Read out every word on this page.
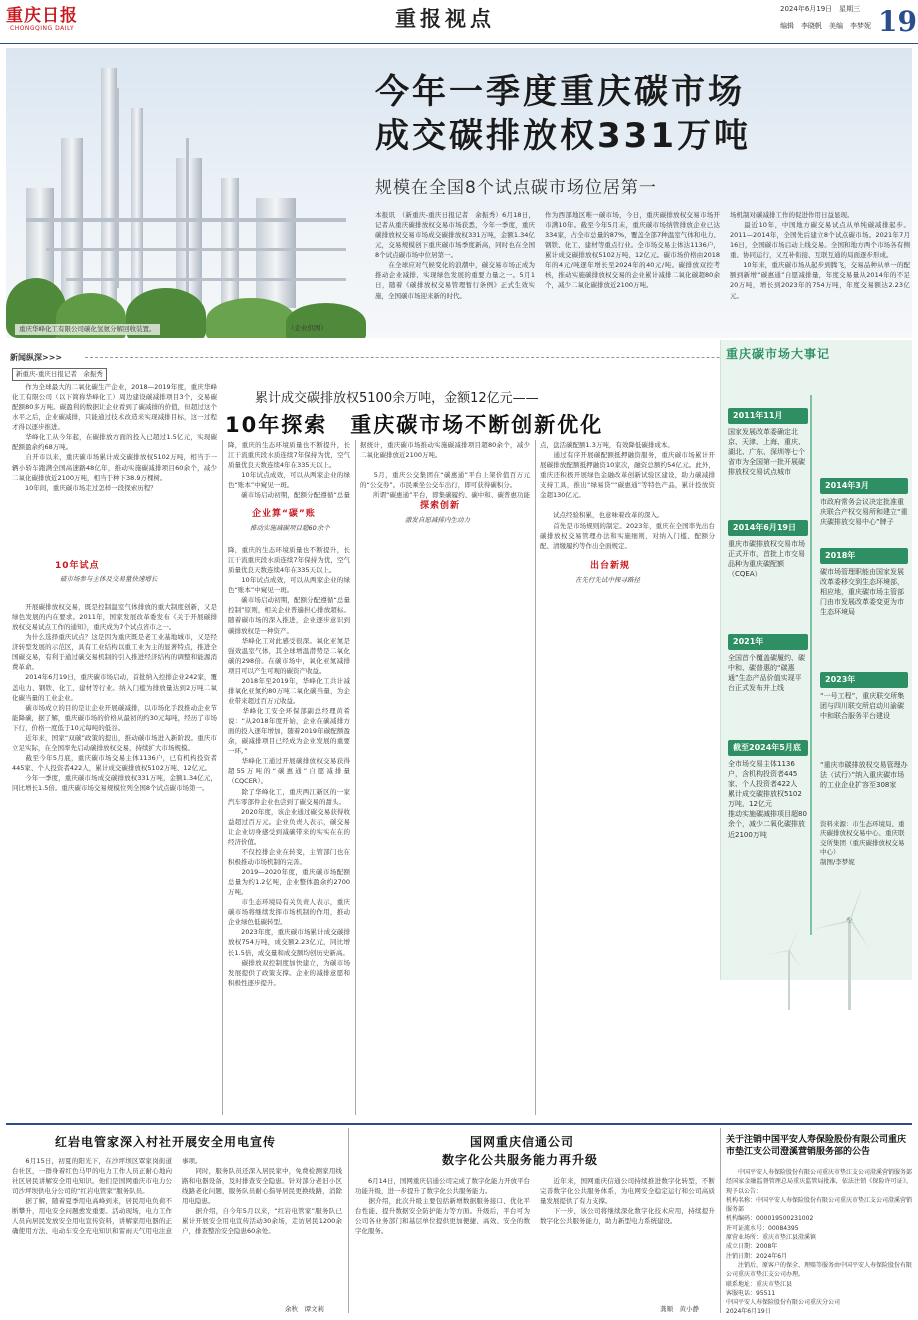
重庆日报
CHONGQING DAILY	重报视点	2024年6月19日　星期三
编辑　李晓帆　美编　李梦妮 19
今年一季度重庆碳市场
成交碳排放权331万吨
规模在全国8个试点碳市场位居第一
重庆华峰化工有限公司碳化氢氨分解回收装置。	（企业供图）
本报讯　（新重庆-重庆日报记者　余振秀）6月18日，记者从重庆碳排放权交易市场获悉，今年一季度，重庆碳排放权交易市场成交碳排放权331万吨，金额1.34亿元，交易规模创下重庆碳市场季度新高，同时也在全国8个试点碳市场中位居第一。
　　在全球应对气候变化的浪潮中，碳交易市场正成为推动企业减排、实现绿色发展的重要力量之一。5月1日，随着《碳排放权交易管理暂行条例》正式生效实施，全国碳市场迎来新的时代。
作为西部地区唯一碳市场，今日，重庆碳排放权交易市场开市满10年。截至今年5月末，重庆碳市场纳管排放企业已达334家，占全市总量的87%，覆盖全部7种温室气体和电力、钢铁、化工、建材等重点行业。全市场交易主体达1136户，累计成交碳排放权5102万吨、12亿元。碳市场价格由2018年的4元/吨逐年增长至2024年的40元/吨。碳排放双控考核，推动实施碳排放权交易的企业累计减排二氧化碳超80余个，减少二氧化碳排放近2100万吨。
场机制对碳减排工作的促进作用日益显现。
　　最近10年，中国地方碳交易试点从单纯碳减排起步。2011—2014年，全国先后建立8个试点碳市场。2021年7月16日，全国碳市场启动上线交易。全国和地方两个市场各有侧重、协同运行，又互补衔接、互联互通的局面逐步形成。
　　10年来，重庆碳市场从起步到腾飞，交易品种从单一的配额到新增“碳惠通”自愿减排量，年度交易量从2014年的不足20万吨，增长到2023年的754万吨，年度交易额达2.23亿元。
新闻纵深>>>
新重庆-重庆日报记者　余振秀
累计成交碳排放权5100余万吨，金额12亿元——
10年探索　重庆碳市场不断创新优化
　　作为全球最大的二氧化碳生产企业，2018—2019年度，重庆华峰化工有限公司（以下简称华峰化工）周边建设碳减排项目3个，交易碳配额80多万吨。碳盈利的数据让企业看到了碳减排的价值，但超过这个水平之后，企业碳减排，只能通过技术改造来实现减排目标，这一过程才得以逐步推进。
　　华峰化工从今年起，在碳排放方面的投入已超过1.5亿元，实现碳配额盈余约68万吨。
　　自开市以来，重庆碳市场累计成交碳排放权5102万吨，相当于一辆小轿车跑满全国高速路48亿年，推动实施碳减排项目60余个，减少二氧化碳排放近2100万吨，相当于种下38.9万棵树。
　　10年间，重庆碳市场走过怎样一段探索历程？
10年试点
破市场参与主体及交易量快速增长
　　开展碳排放权交易，既是控制温室气体排放的重大制度创新，又是绿色发展的内在要求。2011年，国家发展改革委发布《关于开展碳排放权交易试点工作的通知》，重庆成为7个试点省市之一。
　　为什么选择重庆试点？这是因为重庆既是老工业基地城市，又是经济转型发展的示范区，具有工业结构以重工业为主的显著特点，推进全国碳交易，有利于通过碳交易机制的引入推进经济结构的调整和能源消费革命。
　　2014年6月19日，重庆碳市场启动，首批纳入控排企业242家，覆盖电力、钢铁、化工、建材等行业。纳入门槛为排放量达到2万吨二氧化碳当量的工业企业。
　　碳市场成立的目的是让企业开展碳减排，以市场化手段推动企业节能降碳，据了解，重庆碳市场的价格从最初的约30元每吨，经历了市场下行，价格一度低于10元每吨的低谷。
　　近年来，国家“双碳”政策的提出，推动碳市场进入新阶段。重庆市立足实际，在全国率先启动碳排放权交易，持续扩大市场规模。
　　截至今年5月底，重庆碳市场交易主体1136户，已有机构投资者445家、个人投资者422人，累计成交碳排放权5102万吨、12亿元。
　　今年一季度，重庆碳市场成交碳排放权331万吨，金额1.34亿元，同比增长1.5倍。重庆碳市场交易规模位列全国8个试点碳市场第一。
降，重庆的生态环境质量也不断提升，长江干流重庆段水质连续7年保持为优，空气质量优良天数连续4年在335天以上。
　　10年试点成效，可以从两家企业的绿色“账本”中窥见一斑。
　　碳市场启动初期，配额分配遵循“总量

企业算“碳”账
推动实施减碳项目超60余个
降，重庆的生态环境质量也不断提升，长江干流重庆段水质连续7年保持为优，空气质量优良天数连续4年在335天以上。
　　10年试点成效，可以从两家企业的绿色“账本”中窥见一斑。
　　碳市场启动初期，配额分配遵循“总量控制”原则，相关企业普遍担心排放超标。随着碳市场的深入推进，企业逐步意识到碳排放权是一种资产。
　　华峰化工对此感受很深。氧化亚氮是强效温室气体，其全球增温潜势是二氧化碳的298倍。在碳市场中，氧化亚氮减排项目可以产生可观的碳资产收益。
　　2018年至2019年，华峰化工共计减排氧化亚氮约80万吨二氧化碳当量，为企业带来超过百万元收益。
　　华峰化工安全环保部副总经理黄希说：“从2018年度开始，企业在碳减排方面的投入逐年增加，随着2019年碳配额盈余，碳减排项目已经成为企业发展的重要一环。”
　　华峰化工通过开展碳排放权交易获得超55万吨的“碳惠通”自愿减排量（CQCER）。
　　除了华峰化工，重庆两江新区的一家汽车零部件企业也尝到了碳交易的甜头。
　　2020年度，该企业通过碳交易获得收益超过百万元。企业负责人表示，碳交易让企业切身感受到减碳带来的实实在在的经济价值。
　　不仅控排企业在转变，主管部门也在积极推动市场机制的完善。
　　2019—2020年度，重庆碳市场配额总量为约1.2亿吨，企业整体盈余约2700万吨。
　　市生态环境局有关负责人表示，重庆碳市场将继续发挥市场机制的作用，推动企业绿色低碳转型。
　　2023年度，重庆碳市场累计成交碳排放权754万吨，成交额2.23亿元，同比增长1.5倍，成交量和成交额均创历史新高。
　　碳排放双控制度加快建立，为碳市场发展提供了政策支撑。企业的减排意愿和积极性逐步提升。
据统计，重庆碳市场推动实施碳减排项目超80余个，减少二氧化碳排放近2100万吨。

　　5月，重庆公交集团在“碳惠通”平台上架价值百万元的“公交券”。市民乘坐公交车出行，即可获得碳积分。
　　所谓“碳惠通”平台，即集碳履约、碳中和、碳普惠功能

探索创新
激发自愿减排内生动力
点，盘活碳配额1.3万吨，有效降低碳排成本。
　　通过有序开展碳配额抵押融资服务，重庆碳市场累计开展碳排放配额抵押融资10家次，融资总额约54亿元。此外，重庆还积极开展绿色金融改革创新试验区建设，助力碳减排支持工具，推出“绿易贷”“碳惠通”等特色产品，累计投放资金超130亿元。

　　试点经验积累，也意味着改革的深入。
　　首先是市场规则的制定。2023年，重庆在全国率先出台碳排放权交易管理办法和实施细则，对纳入门槛、配额分配、清缴履约等作出全面规定。

出台新规
在先行先试中探寻路径
重庆碳市场大事记
2011年11月
国家发展改革委确定北京、天津、上海、重庆、湖北、广东、深圳等七个省市为全国第一批开展碳排放权交易试点城市
2014年3月
市政府常务会议决定批准重庆联合产权交易所和建立“重庆碳排放交易中心”牌子
2014年6月19日
重庆市碳排放权交易市场正式开市，首批上市交易品种为重庆碳配额（CQEA）
2018年
碳市场管理职能由国家发展改革委移交到生态环境部，相应地，重庆碳市场主管部门由市发展改革委变更为市生态环境局
2021年
全国首个覆盖碳履约、碳中和、碳普惠的“碳惠通”生态产品价值实现平台正式发布并上线
2023年
“一号工程”，重庆联交所集团与四川联交所启动川渝碳中和联合服务平台建设
截至2024年5月底
全市场交易主体1136户，含机构投资者445家、个人投资者422人
累计成交碳排放权5102万吨、12亿元
推动实施碳减排项目超80余个，减少二氧化碳排放近2100万吨
“重庆市碳排放权交易管理办法（试行）”纳入重庆碳市场的工业企业扩容至308家
资料来源：市生态环境局、重庆碳排放权交易中心、重庆联交所集团（重庆碳排放权交易中心）
制图/李梦妮
红岩电管家深入村社开展安全用电宣传
　　6月15日，初夏的阳光下，在沙坪坝区覃家岗街道台社区，一群身着红色马甲的电力工作人员正耐心地向社区居民讲解安全用电知识。他们是国网重庆市电力公司沙坪坝供电分公司的“红岩电管家”服务队员。
　　据了解，随着夏季用电高峰到来，居民用电负荷不断攀升，用电安全问题愈发重要。活动现场，电力工作人员向居民发放安全用电宣传资料，讲解家用电器的正确使用方法、电动车安全充电知识和雷雨天气用电注意事项。
　　同时，服务队员还深入居民家中，免费检测家用线路和电器设备，及时排查安全隐患。针对部分老旧小区线路老化问题，服务队员耐心指导居民更换线路，消除用电隐患。
　　据介绍，自今年5月以来，“红岩电管家”服务队已累计开展安全用电宣传活动30余场，走访居民1200余户，排查整治安全隐患60余处。
余秋　谭文莉
国网重庆信通公司
数字化公共服务能力再升级
　　6月14日，国网重庆信通公司完成了数字化能力开放平台功能升级，进一步提升了数字化公共服务能力。
　　据介绍，此次升级主要包括新增数据服务接口、优化平台性能、提升数据安全防护能力等方面。升级后，平台可为公司各业务部门和基层单位提供更加便捷、高效、安全的数字化服务。
　　近年来，国网重庆信通公司持续推进数字化转型，不断完善数字化公共服务体系，为电网安全稳定运行和公司高质量发展提供了有力支撑。
　　下一步，该公司将继续深化数字化技术应用，持续提升数字化公共服务能力，助力新型电力系统建设。
龚顺　黄小静
关于注销中国平安人寿保险股份有限公司重庆市垫江支公司澄溪营销服务部的公告
　　中国平安人寿保险股份有限公司重庆市垫江支公司澄溪营销服务部经国家金融监督管理总局重庆监管局批准，依法注销《保险许可证》，现予以公告：
机构名称：中国平安人寿保险股份有限公司重庆市垫江支公司澄溪营销服务部
机构编码：000019500231002
许可证流水号：00084395
原营业场所：重庆市垫江县澄溪镇
成立日期：2008年
注销日期：2024年6月
　　注销后，原客户的保全、理赔等服务由中国平安人寿保险股份有限公司重庆市垫江支公司办理。
联系地址：重庆市垫江县
客服电话：95511
中国平安人寿保险股份有限公司重庆分公司
2024年6月19日
